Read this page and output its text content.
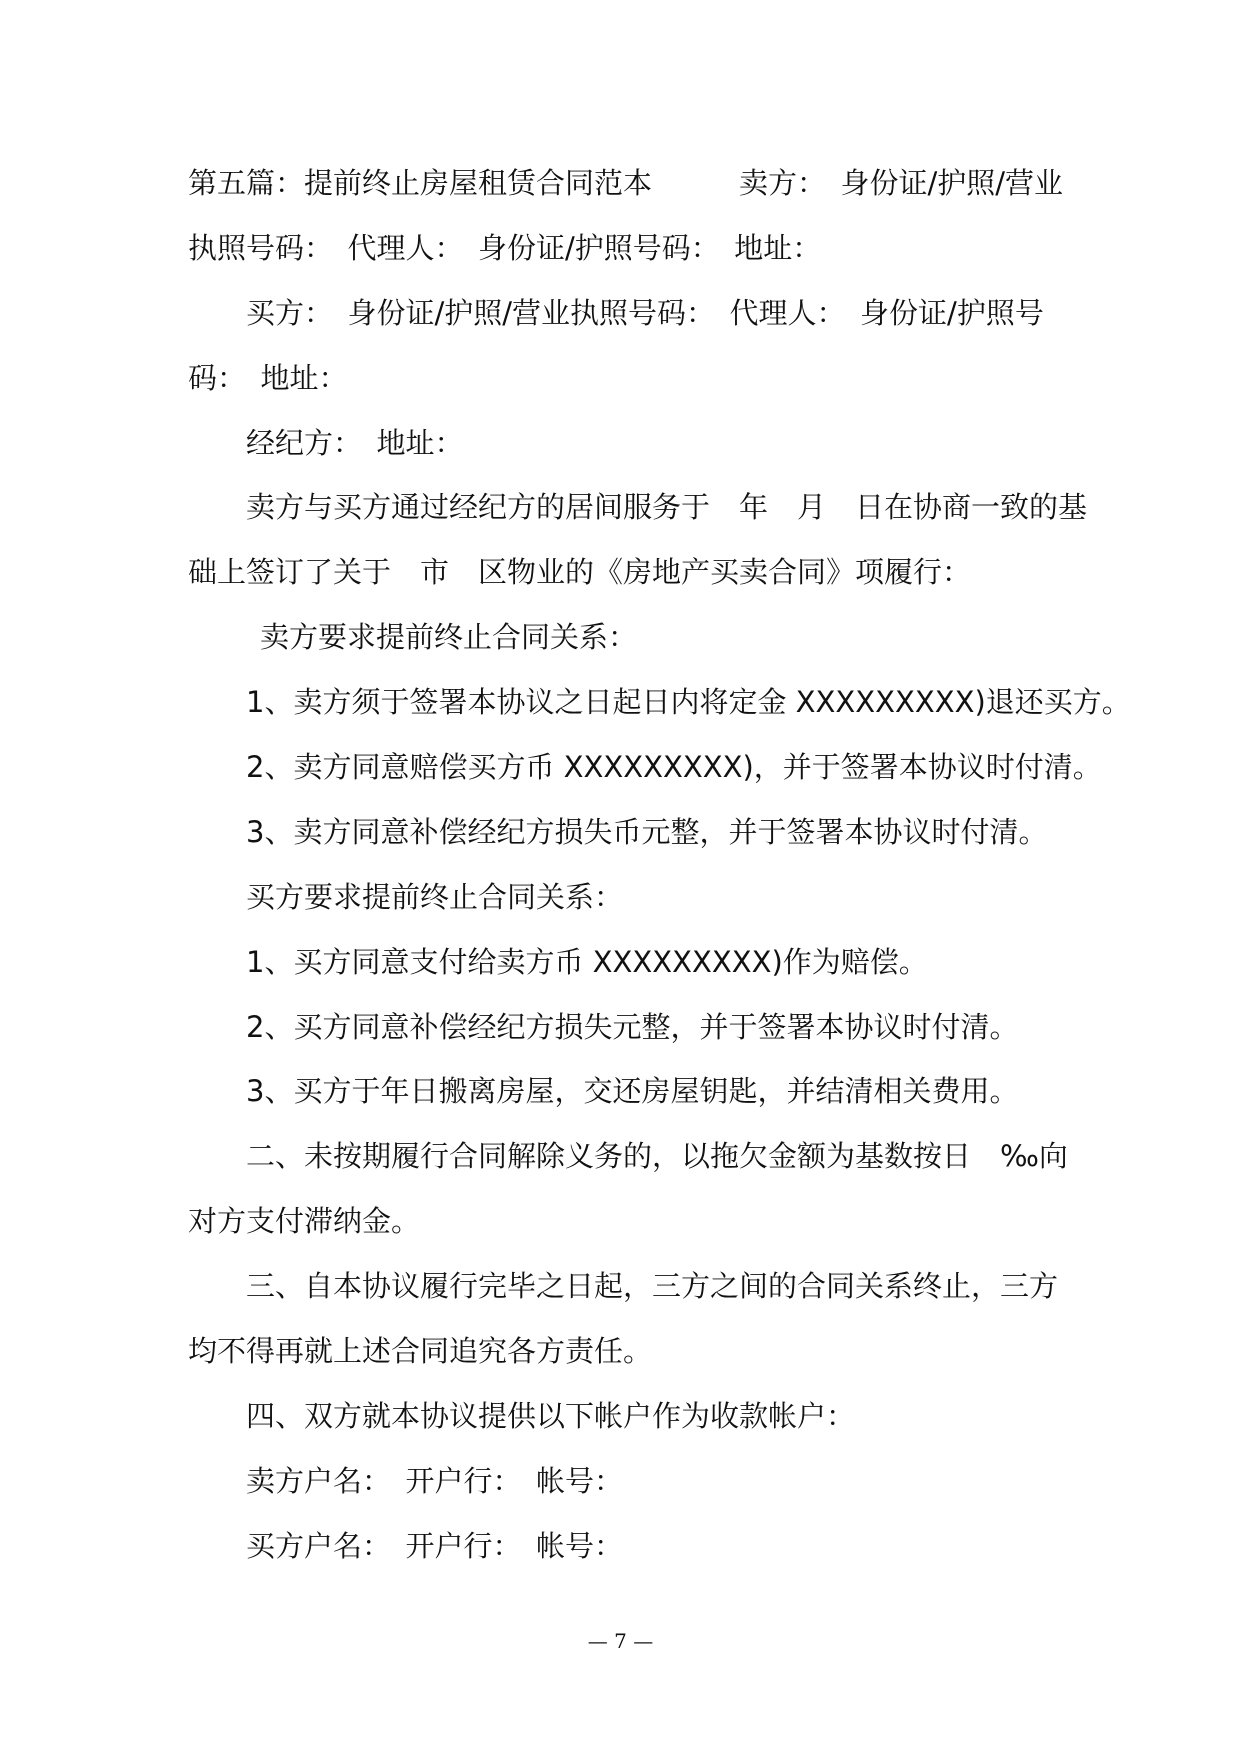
第五篇：提前终止房屋租赁合同范本　　　卖方：　身份证/护照/营业
执照号码：　代理人：　身份证/护照号码：　地址：
买方：　身份证/护照/营业执照号码：　代理人：　身份证/护照号
码：　地址：
经纪方：　地址：
卖方与买方通过经纪方的居间服务于　年　月　日在协商一致的基
础上签订了关于　市　区物业的《房地产买卖合同》项履行：
卖方要求提前终止合同关系：
1、卖方须于签署本协议之日起日内将定金 XXXXXXXXX)退还买方。
2、卖方同意赔偿买方币 XXXXXXXXX)，并于签署本协议时付清。
3、卖方同意补偿经纪方损失币元整，并于签署本协议时付清。
买方要求提前终止合同关系：
1、买方同意支付给卖方币 XXXXXXXXX)作为赔偿。
2、买方同意补偿经纪方损失元整，并于签署本协议时付清。
3、买方于年日搬离房屋，交还房屋钥匙，并结清相关费用。
二、未按期履行合同解除义务的，以拖欠金额为基数按日　‰向
对方支付滞纳金。
三、自本协议履行完毕之日起，三方之间的合同关系终止，三方
均不得再就上述合同追究各方责任。
四、双方就本协议提供以下帐户作为收款帐户：
卖方户名：　开户行：　帐号：
买方户名：　开户行：　帐号：
— 7 —
